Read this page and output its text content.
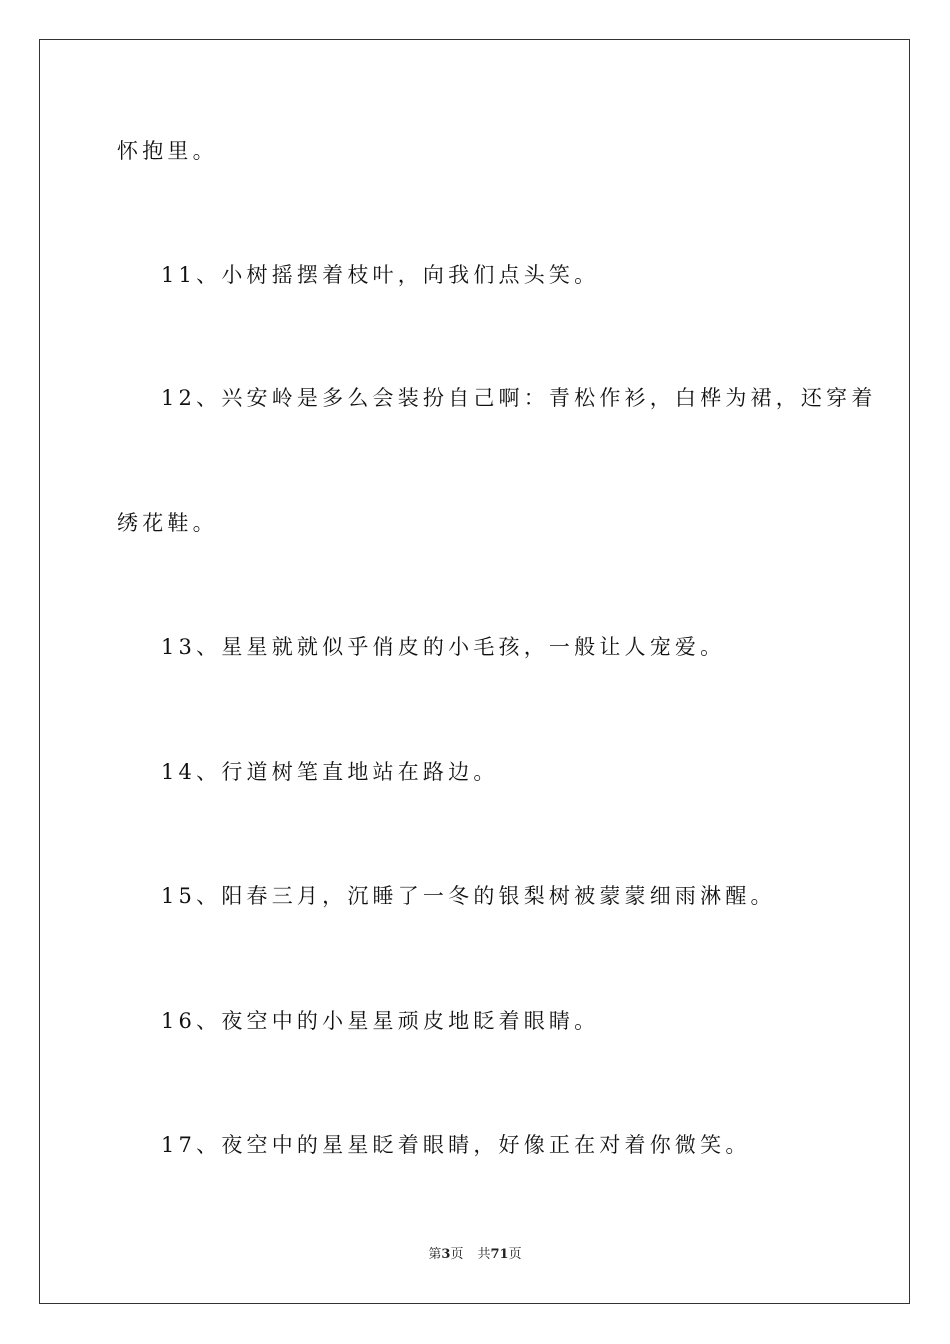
怀抱里。
11、小树摇摆着枝叶，向我们点头笑。
12、兴安岭是多么会装扮自己啊：青松作衫，白桦为裙，还穿着
绣花鞋。
13、星星就就似乎俏皮的小毛孩，一般让人宠爱。
14、行道树笔直地站在路边。
15、阳春三月，沉睡了一冬的银梨树被蒙蒙细雨淋醒。
16、夜空中的小星星顽皮地眨着眼睛。
17、夜空中的星星眨着眼睛，好像正在对着你微笑。
第3页 共71页
